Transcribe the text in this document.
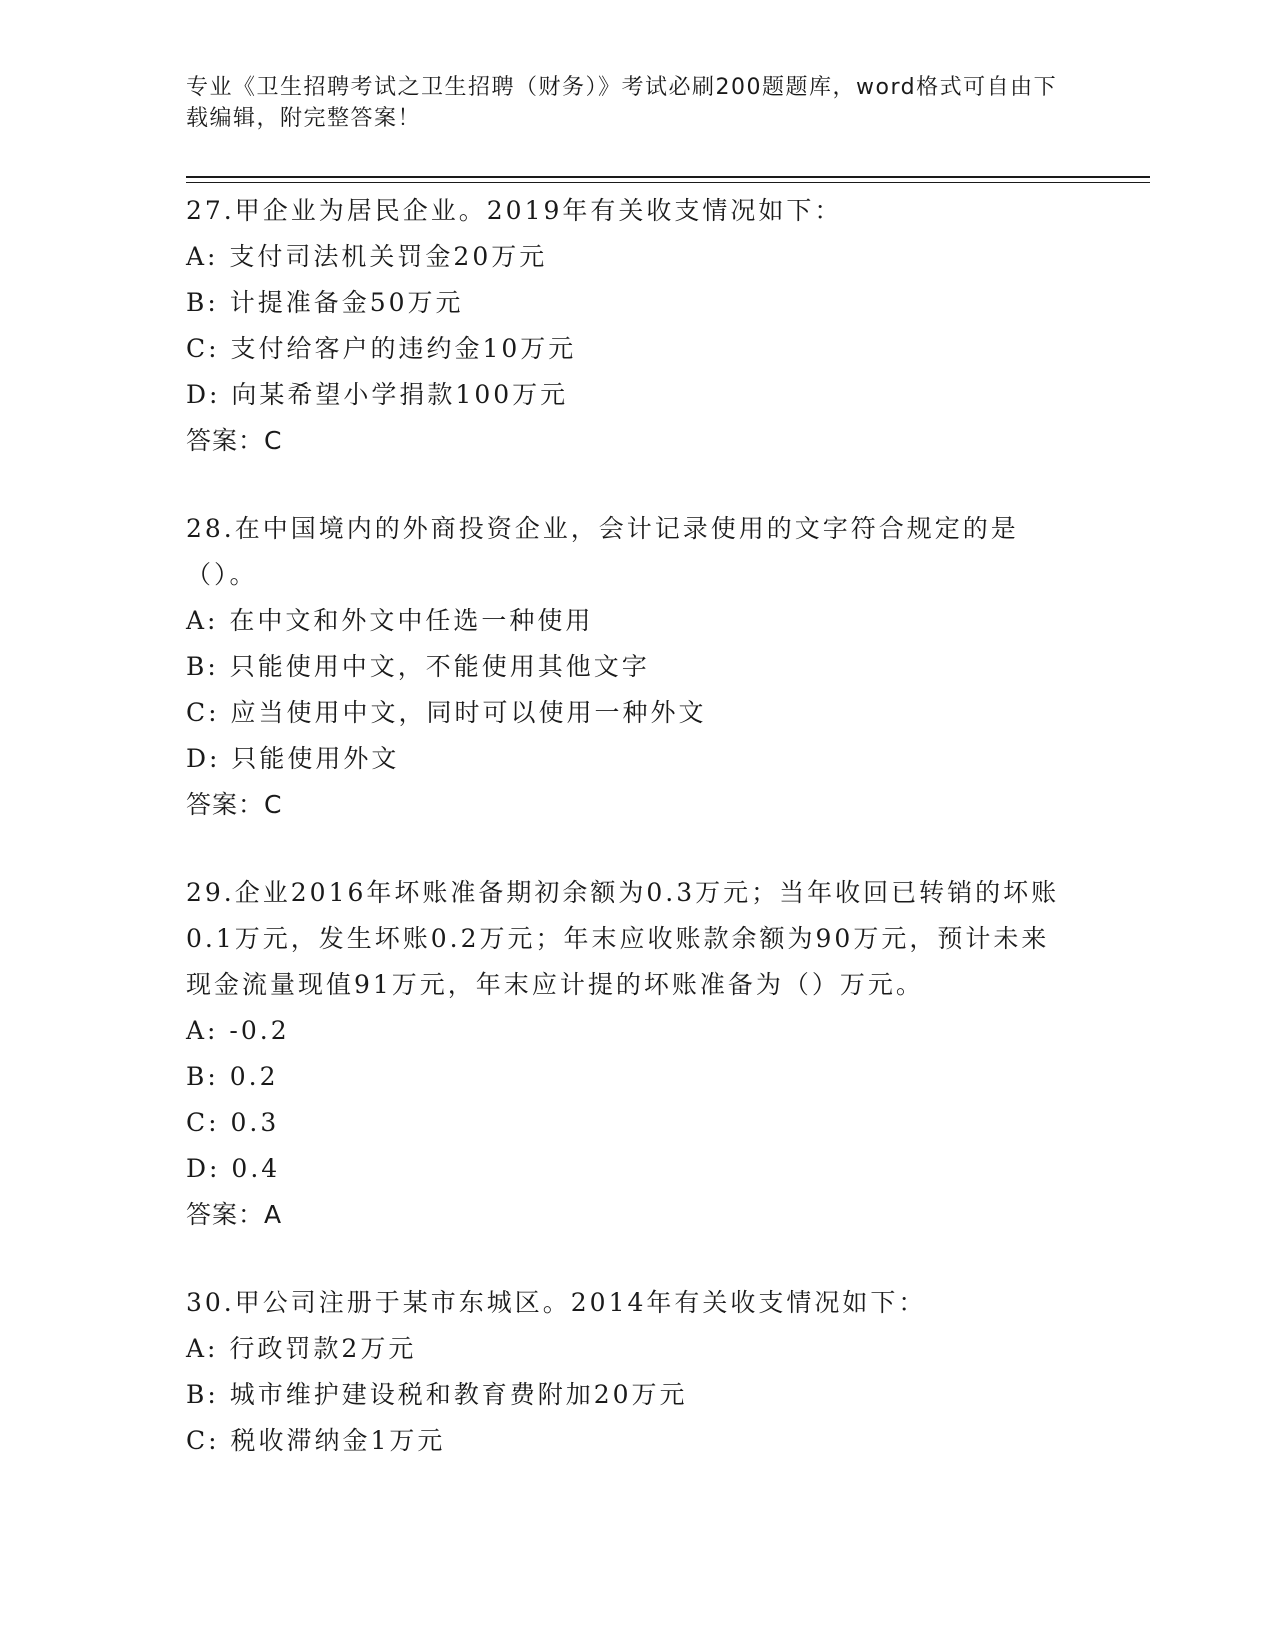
专业《卫生招聘考试之卫生招聘（财务）》考试必刷200题题库，word格式可自由下载编辑，附完整答案！
27.甲企业为居民企业。2019年有关收支情况如下：
A: 支付司法机关罚金20万元
B: 计提准备金50万元
C: 支付给客户的违约金10万元
D: 向某希望小学捐款100万元
答案：C
28.在中国境内的外商投资企业，会计记录使用的文字符合规定的是（）。
A: 在中文和外文中任选一种使用
B: 只能使用中文，不能使用其他文字
C: 应当使用中文，同时可以使用一种外文
D: 只能使用外文
答案：C
29.企业2016年坏账准备期初余额为0.3万元；当年收回已转销的坏账0.1万元，发生坏账0.2万元；年末应收账款余额为90万元，预计未来现金流量现值91万元，年末应计提的坏账准备为（）万元。
A: -0.2
B: 0.2
C: 0.3
D: 0.4
答案：A
30.甲公司注册于某市东城区。2014年有关收支情况如下：
A: 行政罚款2万元
B: 城市维护建设税和教育费附加20万元
C: 税收滞纳金1万元
